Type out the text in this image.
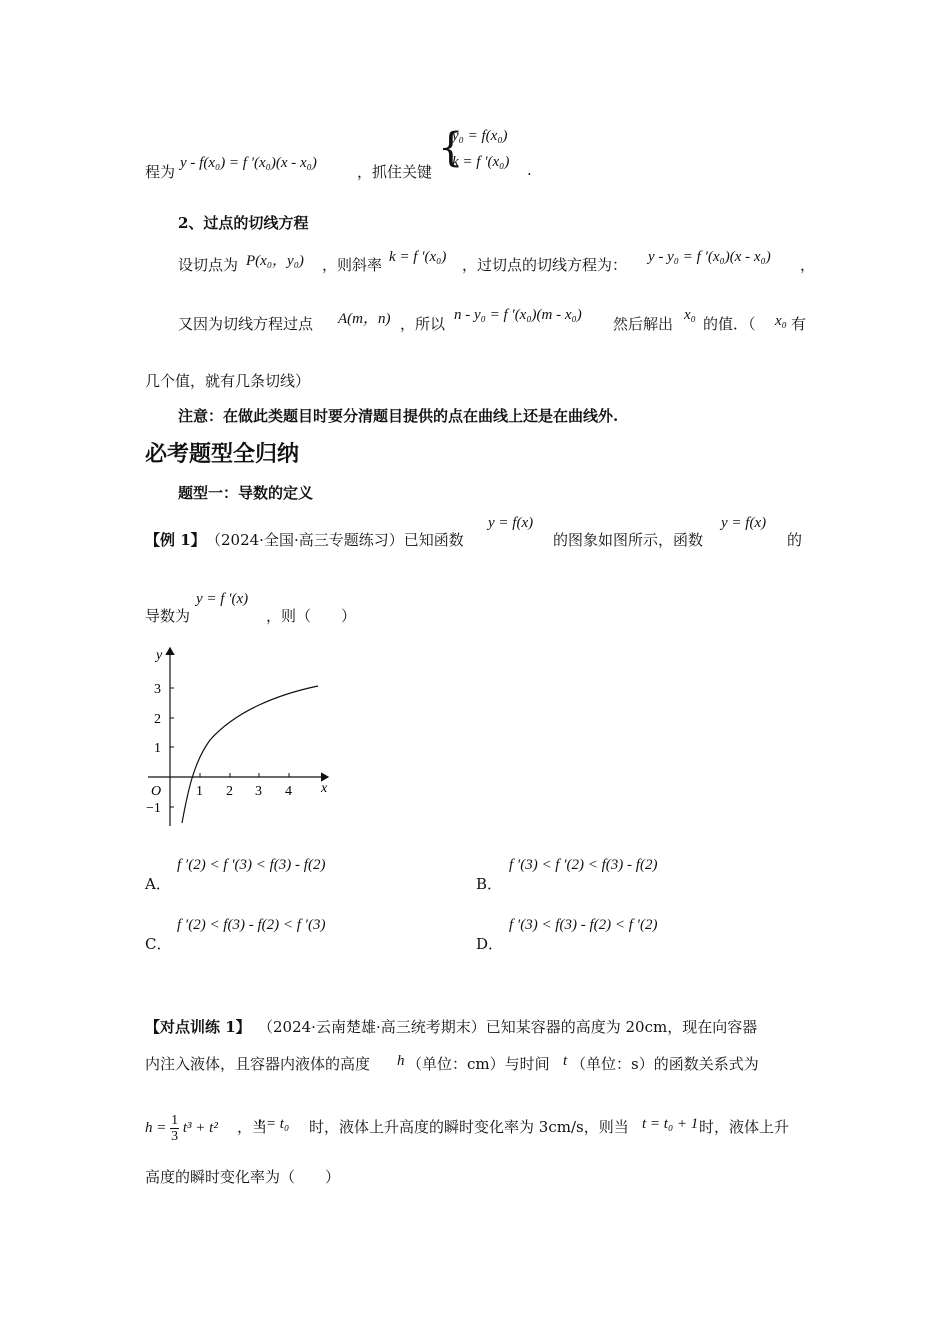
程为 y - f(x₀) = f ′(x₀)(x - x₀)	，抓住关键
{
y₀ = f(x₀)
k = f ′(x₀) .
2、过点的切线方程
设切点为 P(x₀，y₀) ，则斜率 k = f ′(x₀) ，过切点的切线方程为： y - y₀ = f ′(x₀)(x - x₀) ，
又因为切线方程过点 A(m，n) ，所以 n - y₀ = f ′(x₀)(m - x₀) 然后解出 x₀ 的值．（ x₀ 有
几个值，就有几条切线）
注意：在做此类题目时要分清题目提供的点在曲线上还是在曲线外.
必考题型全归纳
题型一：导数的定义
【例 1】 （2024·全国·高三专题练习）已知函数
y = f(x)
的图象如图所示，函数
y = f(x)
的
导数为
y = f ′(x)
，则（　　）
y
x
O
3
2
1
−1
1 2 3 4
A．
f ′(2) < f ′(3) < f(3) - f(2)
B．
f ′(3) < f ′(2) < f(3) - f(2)
C．
f ′(2) < f(3) - f(2) < f ′(3)
D．
f ′(3) < f(3) - f(2) < f ′(2)
【对点训练 1】 （2024·云南楚雄·高三统考期末）已知某容器的高度为 20cm，现在向容器
内注入液体，且容器内液体的高度 h （单位：cm）与时间 t （单位：s）的函数关系式为
$h = \frac{1}{3} t^3 + t^2$ ，当
t = t₀ 时，液体上升高度的瞬时变化率为 3cm/s，则当 t = t₀ + 1 时，液体上升
高度的瞬时变化率为（　　）
